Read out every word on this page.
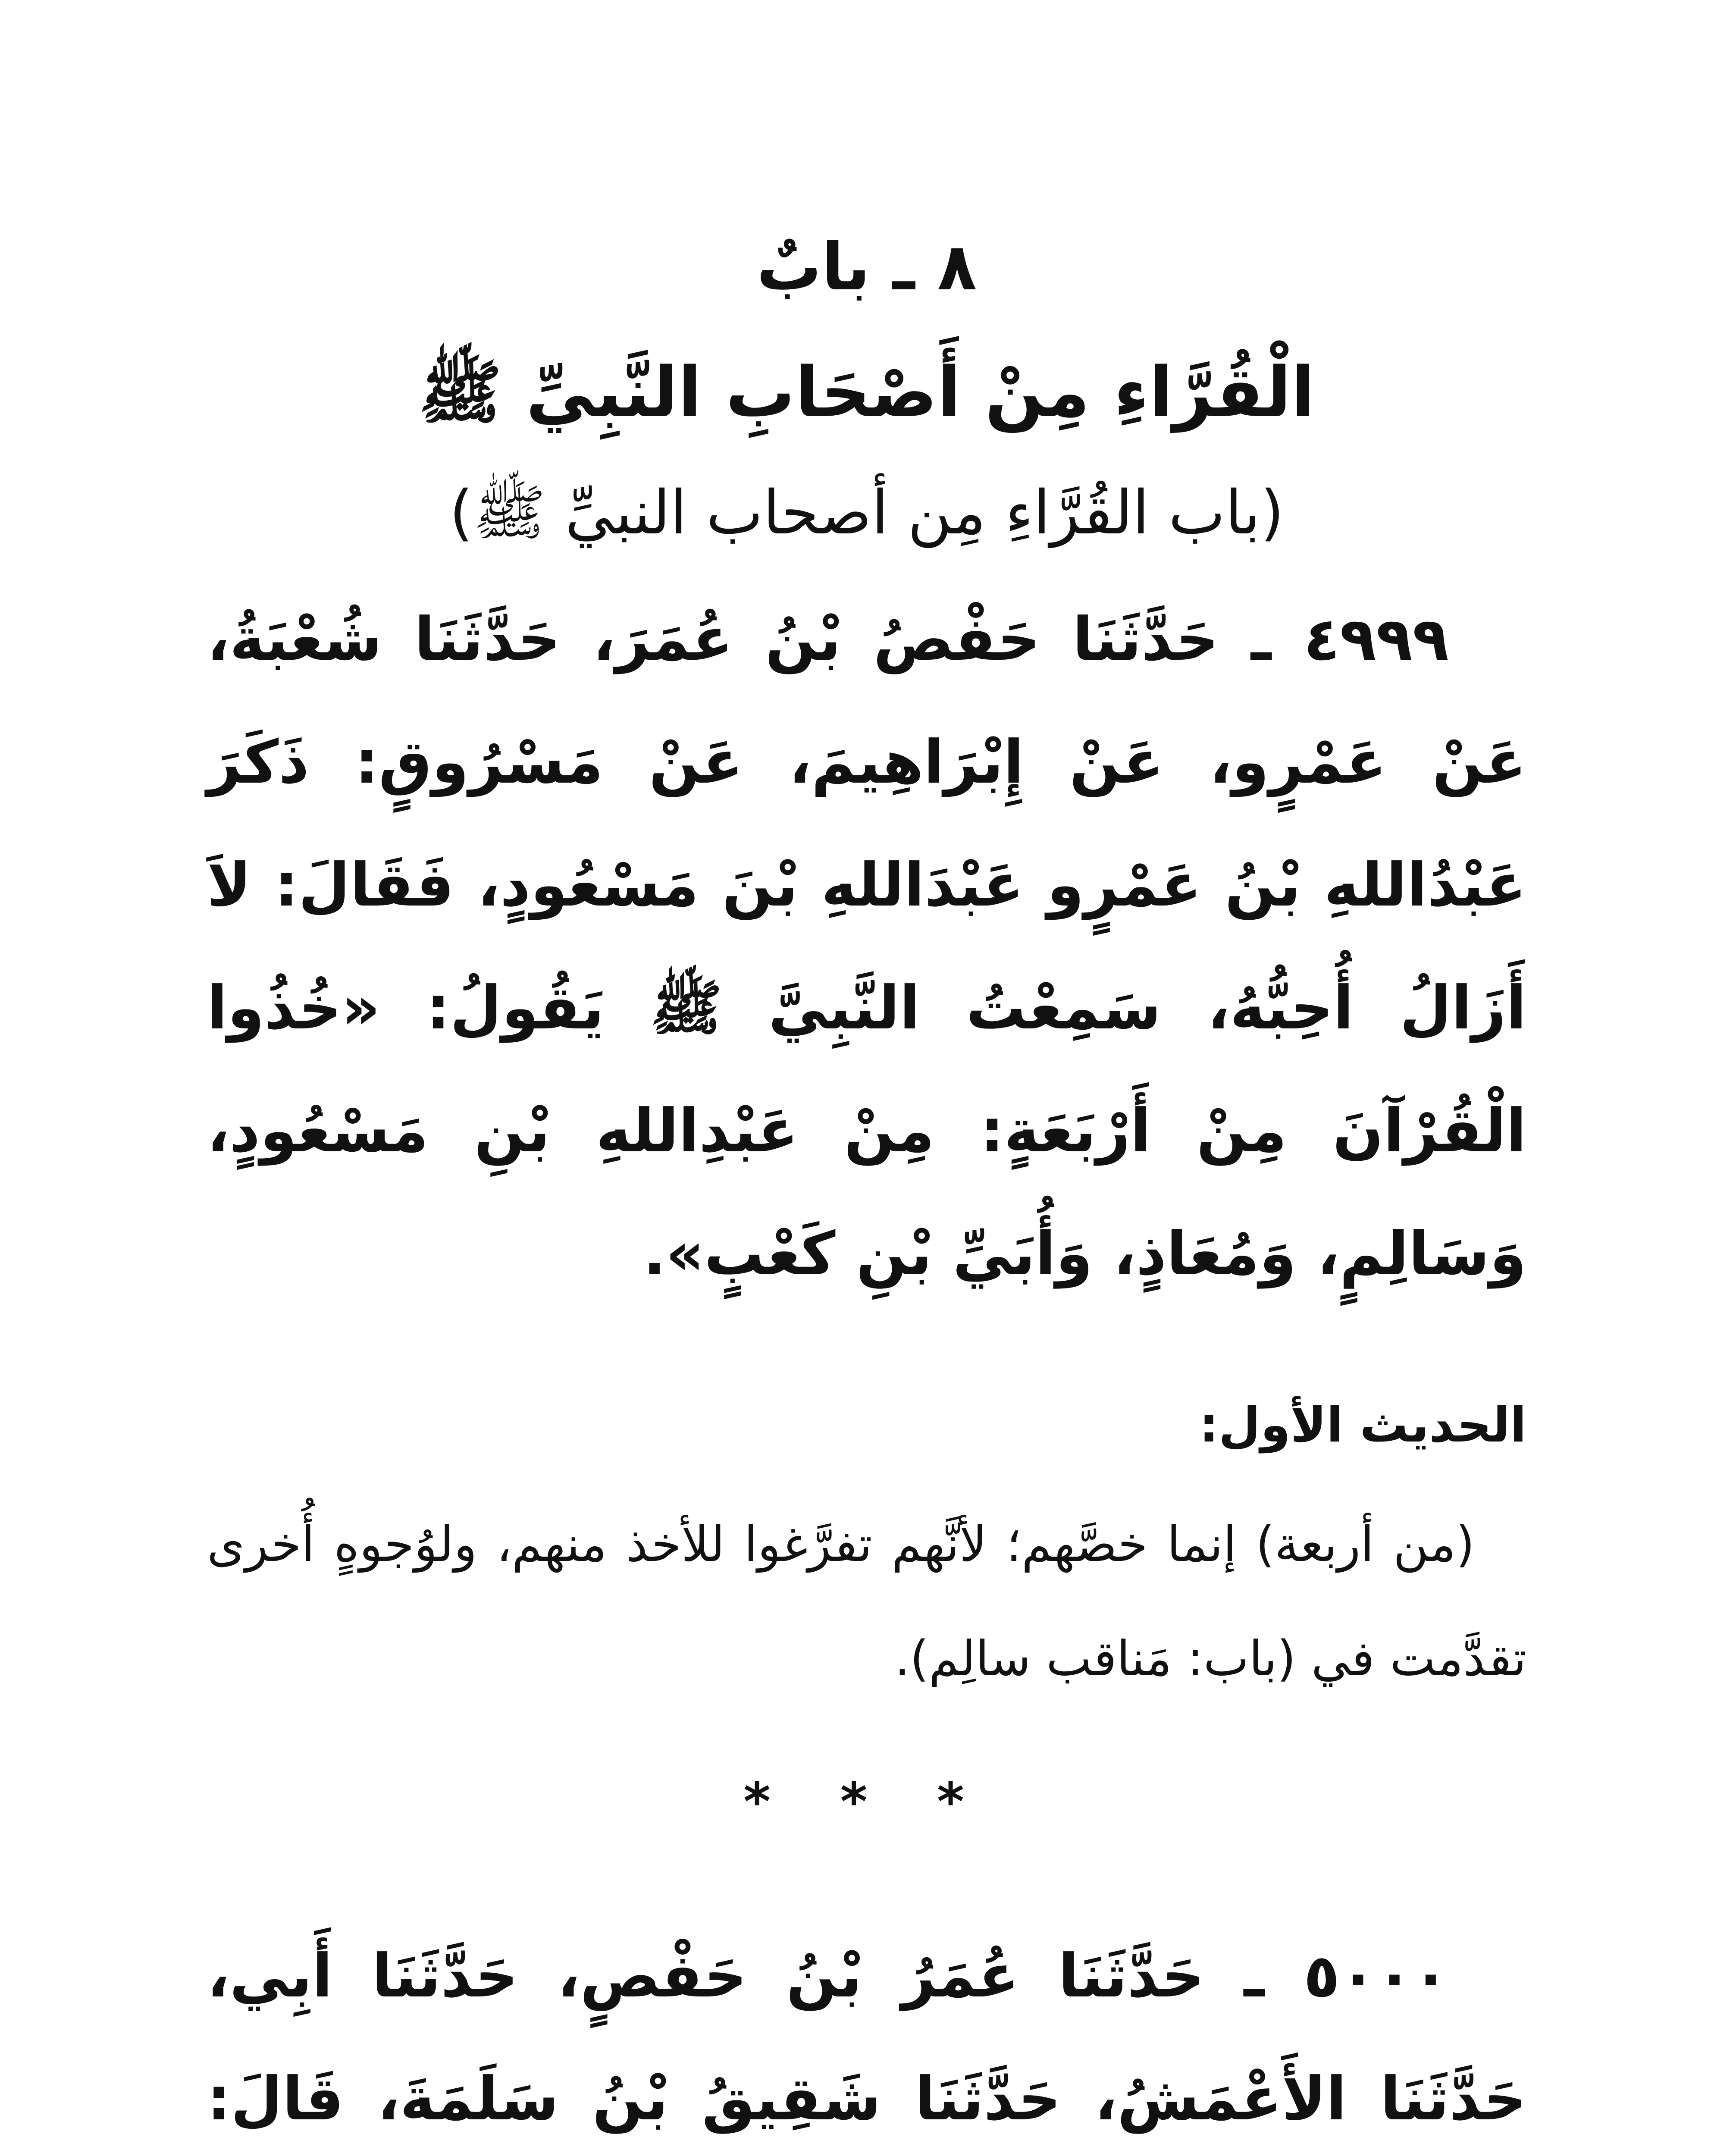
٨ ـ بابٌ

الْقُرَّاءِ مِنْ أَصْحَابِ النَّبِيِّ ﷺ

(باب القُرَّاءِ مِن أصحاب النبيِّ ﷺ)

٤٩٩٩ ـ حَدَّثَنَا حَفْصُ بْنُ عُمَرَ، حَدَّثَنَا شُعْبَةُ، عَنْ عَمْرٍو، عَنْ إِبْرَاهِيمَ، عَنْ مَسْرُوقٍ: ذَكَرَ عَبْدُاللهِ بْنُ عَمْرٍو عَبْدَاللهِ بْنَ مَسْعُودٍ، فَقَالَ: لاَ أَزَالُ أُحِبُّهُ، سَمِعْتُ النَّبِيَّ ﷺ يَقُولُ: «خُذُوا الْقُرْآنَ مِنْ أَرْبَعَةٍ: مِنْ عَبْدِاللهِ بْنِ مَسْعُودٍ، وَسَالِمٍ، وَمُعَاذٍ، وَأُبَيِّ بْنِ كَعْبٍ».

الحديث الأول:

(من أربعة) إنما خصَّهم؛ لأنَّهم تفرَّغوا للأخذ منهم، ولوُجوهٍ أُخرى تقدَّمت في (باب: مَناقب سالِم).

* * *

٥٠٠٠ ـ حَدَّثَنَا عُمَرُ بْنُ حَفْصٍ، حَدَّثَنَا أَبِي، حَدَّثَنَا الأَعْمَشُ، حَدَّثَنَا شَقِيقُ بْنُ سَلَمَةَ، قَالَ:
